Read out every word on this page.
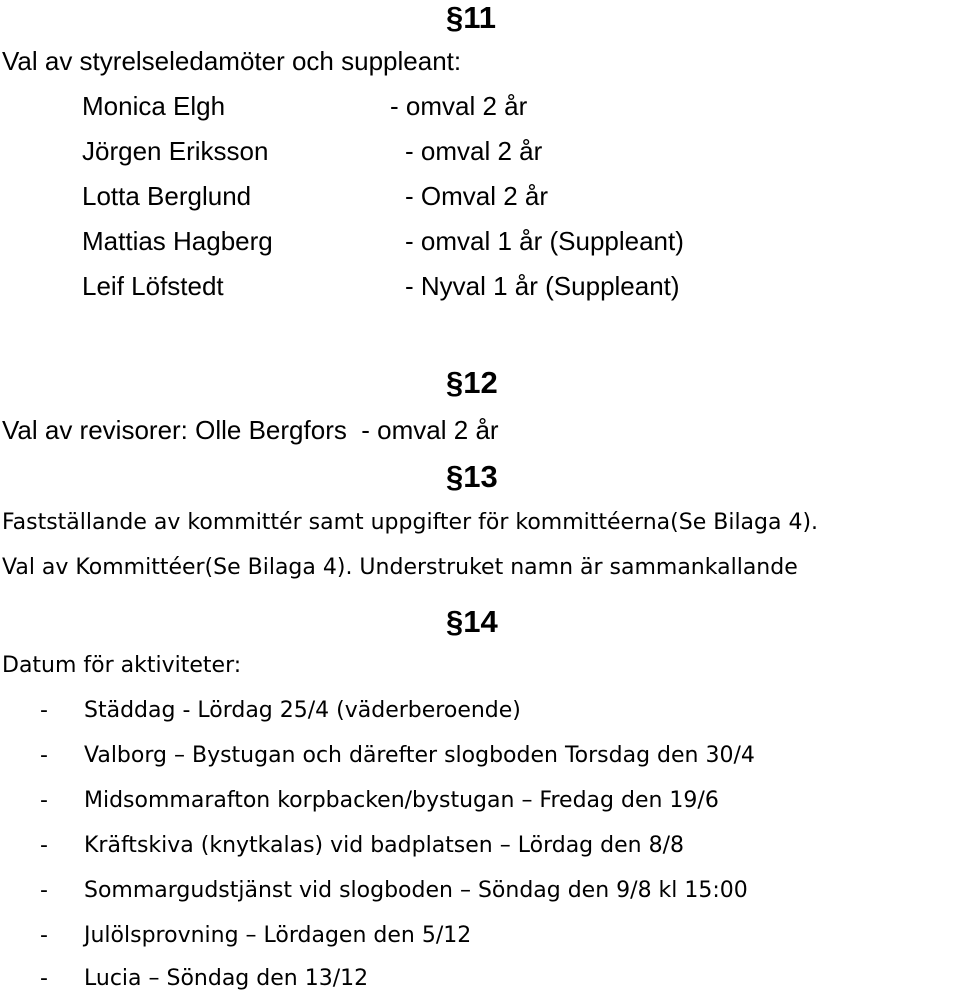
§11
Val av styrelseledamöter och suppleant:
Monica Elgh	- omval 2 år
Jörgen Eriksson	- omval 2 år
Lotta Berglund	- Omval 2 år
Mattias Hagberg	- omval 1 år (Suppleant)
Leif Löfstedt	- Nyval 1 år (Suppleant)
§12
Val av revisorer: Olle Bergfors  - omval 2 år
§13
Fastställande av kommittér samt uppgifter för kommittéerna(Se Bilaga 4).
Val av Kommittéer(Se Bilaga 4). Understruket namn är sammankallande
§14
Datum för aktiviteter:
- Städdag - Lördag 25/4 (väderberoende)
- Valborg – Bystugan och därefter slogboden Torsdag den 30/4
- Midsommarafton korpbacken/bystugan – Fredag den 19/6
- Kräftskiva (knytkalas) vid badplatsen – Lördag den 8/8
- Sommargudstjänst vid slogboden – Söndag den 9/8 kl 15:00
- Julölsprovning – Lördagen den 5/12
- Lucia – Söndag den 13/12
